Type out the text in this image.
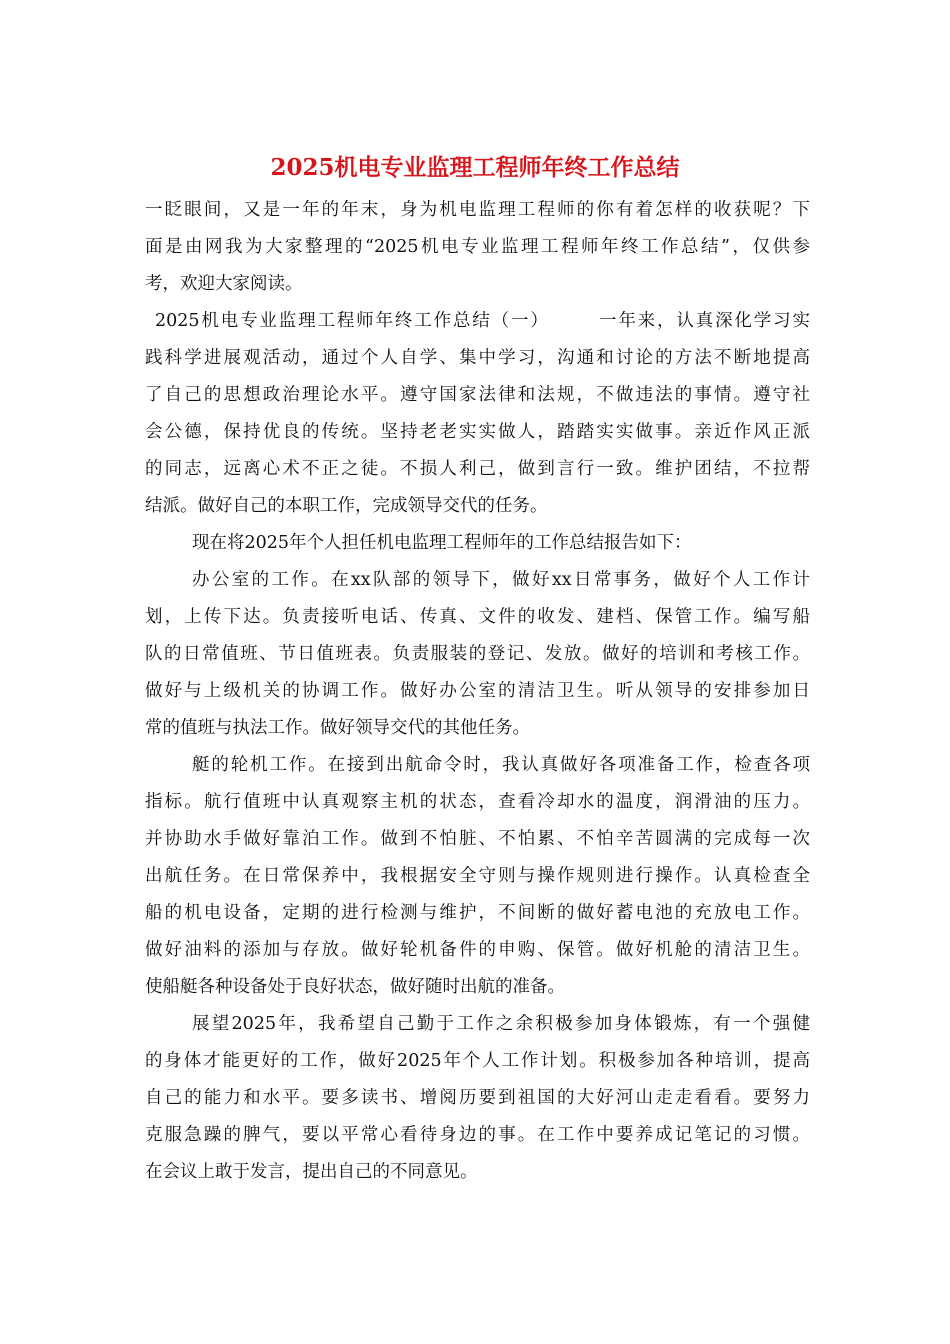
2025机电专业监理工程师年终工作总结
一眨眼间，又是一年的年末，身为机电监理工程师的你有着怎样的收获呢？下
面是由网我为大家整理的“2025机电专业监理工程师年终工作总结”，仅供参
考，欢迎大家阅读。
2025机电专业监理工程师年终工作总结（一）　　　一年来，认真深化学习实
践科学进展观活动，通过个人自学、集中学习，沟通和讨论的方法不断地提高
了自己的思想政治理论水平。遵守国家法律和法规，不做违法的事情。遵守社
会公德，保持优良的传统。坚持老老实实做人，踏踏实实做事。亲近作风正派
的同志，远离心术不正之徒。不损人利己，做到言行一致。维护团结，不拉帮
结派。做好自己的本职工作，完成领导交代的任务。
现在将2025年个人担任机电监理工程师年的工作总结报告如下：
办公室的工作。在xx队部的领导下，做好xx日常事务，做好个人工作计
划，上传下达。负责接听电话、传真、文件的收发、建档、保管工作。编写船
队的日常值班、节日值班表。负责服装的登记、发放。做好的培训和考核工作。
做好与上级机关的协调工作。做好办公室的清洁卫生。听从领导的安排参加日
常的值班与执法工作。做好领导交代的其他任务。
艇的轮机工作。在接到出航命令时，我认真做好各项准备工作，检查各项
指标。航行值班中认真观察主机的状态，查看冷却水的温度，润滑油的压力。
并协助水手做好靠泊工作。做到不怕脏、不怕累、不怕辛苦圆满的完成每一次
出航任务。在日常保养中，我根据安全守则与操作规则进行操作。认真检查全
船的机电设备，定期的进行检测与维护，不间断的做好蓄电池的充放电工作。
做好油料的添加与存放。做好轮机备件的申购、保管。做好机舱的清洁卫生。
使船艇各种设备处于良好状态，做好随时出航的准备。
展望2025年，我希望自己勤于工作之余积极参加身体锻炼，有一个强健
的身体才能更好的工作，做好2025年个人工作计划。积极参加各种培训，提高
自己的能力和水平。要多读书、增阅历要到祖国的大好河山走走看看。要努力
克服急躁的脾气，要以平常心看待身边的事。在工作中要养成记笔记的习惯。
在会议上敢于发言，提出自己的不同意见。
